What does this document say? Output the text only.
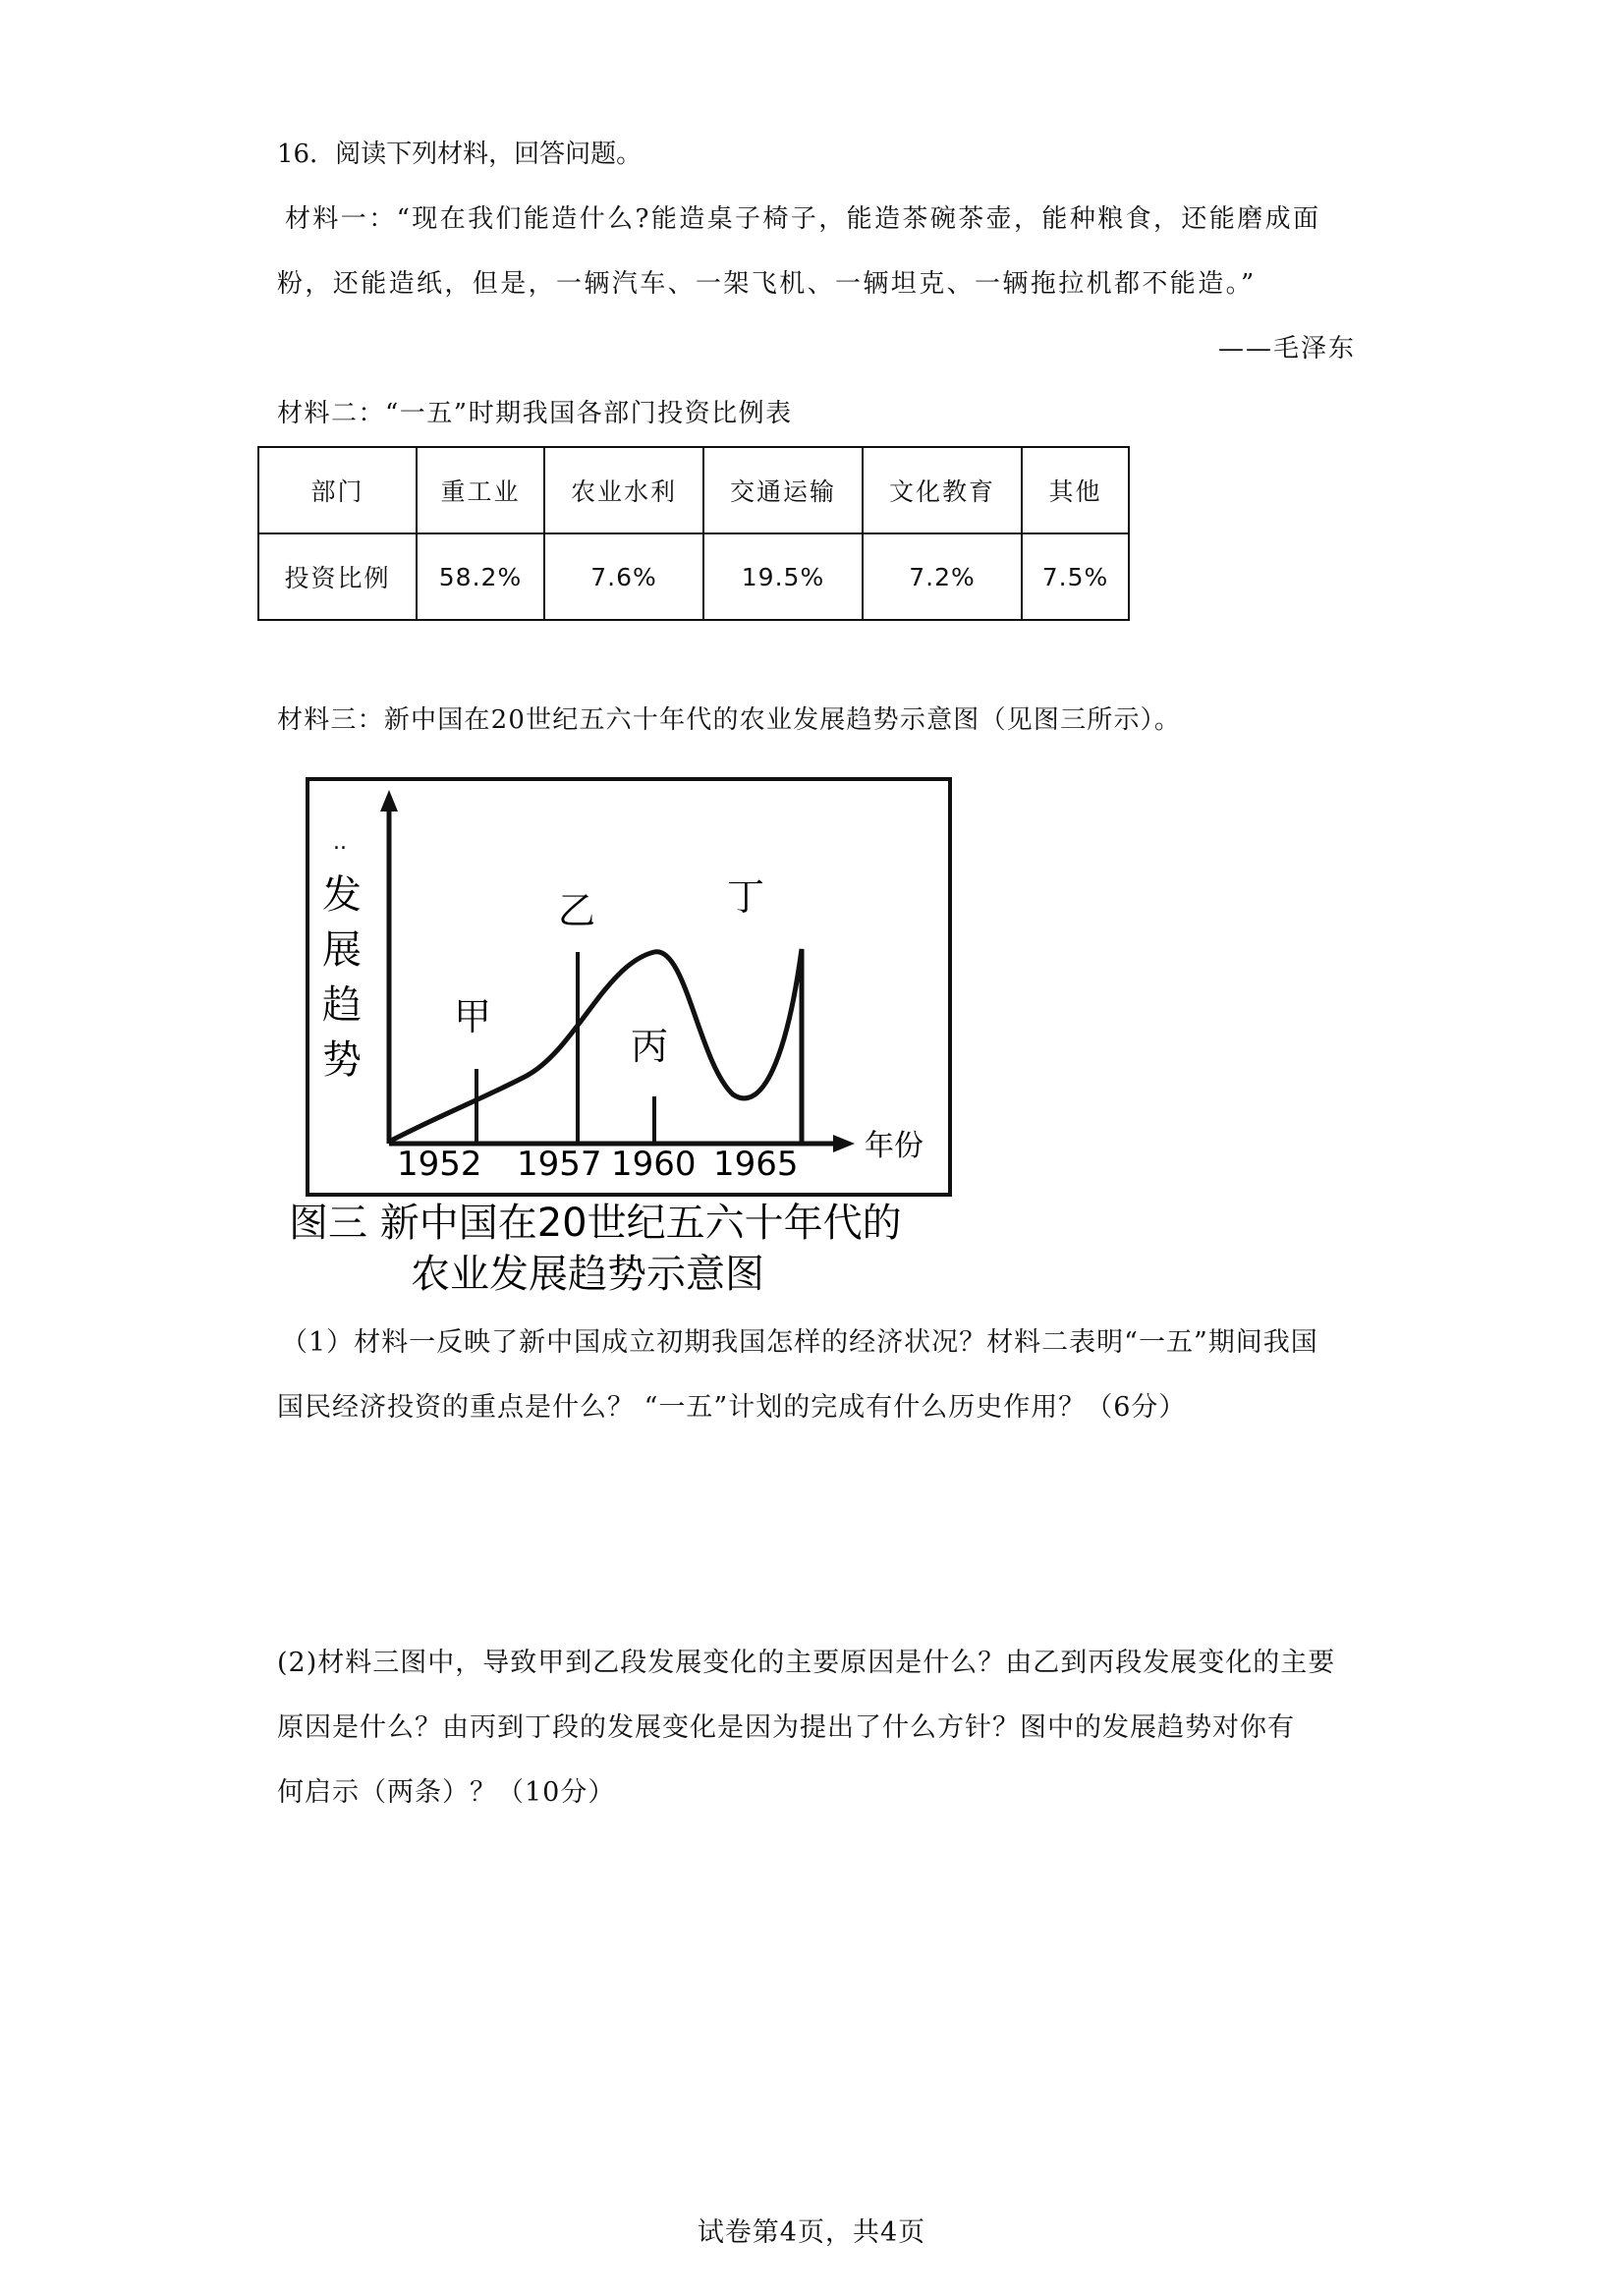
16．阅读下列材料，回答问题。
材料一：“现在我们能造什么?能造桌子椅子，能造茶碗茶壶，能种粮食，还能磨成面
粉，还能造纸，但是，一辆汽车、一架飞机、一辆坦克、一辆拖拉机都不能造。”
——毛泽东
材料二：“一五”时期我国各部门投资比例表
部门	重工业	农业水利	交通运输	文化教育	其他
投资比例	58.2%	7.6%	19.5%	7.2%	7.5%
材料三：新中国在20世纪五六十年代的农业发展趋势示意图（见图三所示）。
..
发
展
趋
势
甲
乙
丙
丁
1952 1957 1960 1965 年份
图三 新中国在20世纪五六十年代的
农业发展趋势示意图
（1）材料一反映了新中国成立初期我国怎样的经济状况？材料二表明“一五”期间我国
国民经济投资的重点是什么？ “一五”计划的完成有什么历史作用？（6分）
(2)材料三图中，导致甲到乙段发展变化的主要原因是什么？由乙到丙段发展变化的主要
原因是什么？由丙到丁段的发展变化是因为提出了什么方针？图中的发展趋势对你有
何启示（两条）？（10分）
试卷第4页，共4页
